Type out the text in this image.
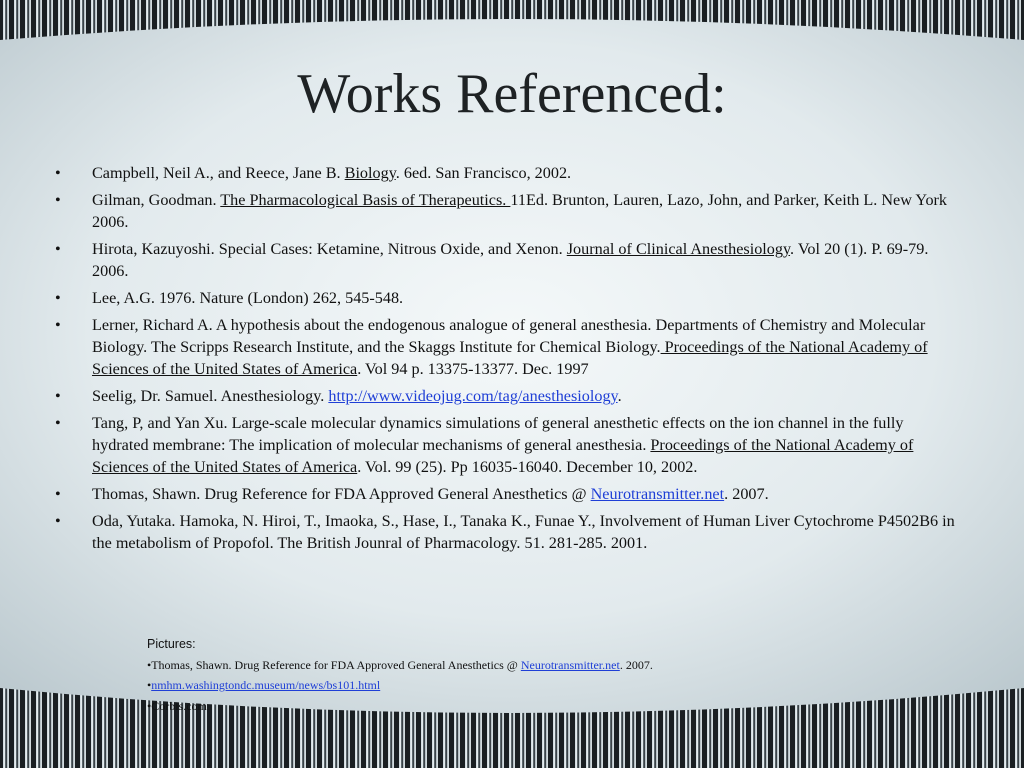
Works Referenced:
• Campbell, Neil A., and Reece, Jane B. Biology. 6ed. San Francisco, 2002.
• Gilman, Goodman. The Pharmacological Basis of Therapeutics. 11Ed. Brunton, Lauren, Lazo, John, and Parker, Keith L. New York 2006.
• Hirota, Kazuyoshi. Special Cases: Ketamine, Nitrous Oxide, and Xenon. Journal of Clinical Anesthesiology. Vol 20 (1). P. 69-79. 2006.
• Lee, A.G. 1976. Nature (London) 262, 545-548.
• Lerner, Richard A. A hypothesis about the endogenous analogue of general anesthesia. Departments of Chemistry and Molecular Biology. The Scripps Research Institute, and the Skaggs Institute for Chemical Biology. Proceedings of the National Academy of Sciences of the United States of America. Vol 94 p. 13375-13377. Dec. 1997
• Seelig, Dr. Samuel. Anesthesiology. http://www.videojug.com/tag/anesthesiology.
• Tang, P, and Yan Xu. Large-scale molecular dynamics simulations of general anesthetic effects on the ion channel in the fully hydrated membrane: The implication of molecular mechanisms of general anesthesia. Proceedings of the National Academy of Sciences of the United States of America. Vol. 99 (25). Pp 16035-16040. December 10, 2002.
• Thomas, Shawn. Drug Reference for FDA Approved General Anesthetics @ Neurotransmitter.net. 2007.
• Oda, Yutaka. Hamoka, N. Hiroi, T., Imaoka, S., Hase, I., Tanaka K., Funae Y., Involvement of Human Liver Cytochrome P4502B6 in the metabolism of Propofol. The British Jounral of Pharmacology. 51. 281-285. 2001.
Pictures:
•Thomas, Shawn. Drug Reference for FDA Approved General Anesthetics @ Neurotransmitter.net. 2007.
•nmhm.washingtondc.museum/news/bs101.html
•Corbis.com
